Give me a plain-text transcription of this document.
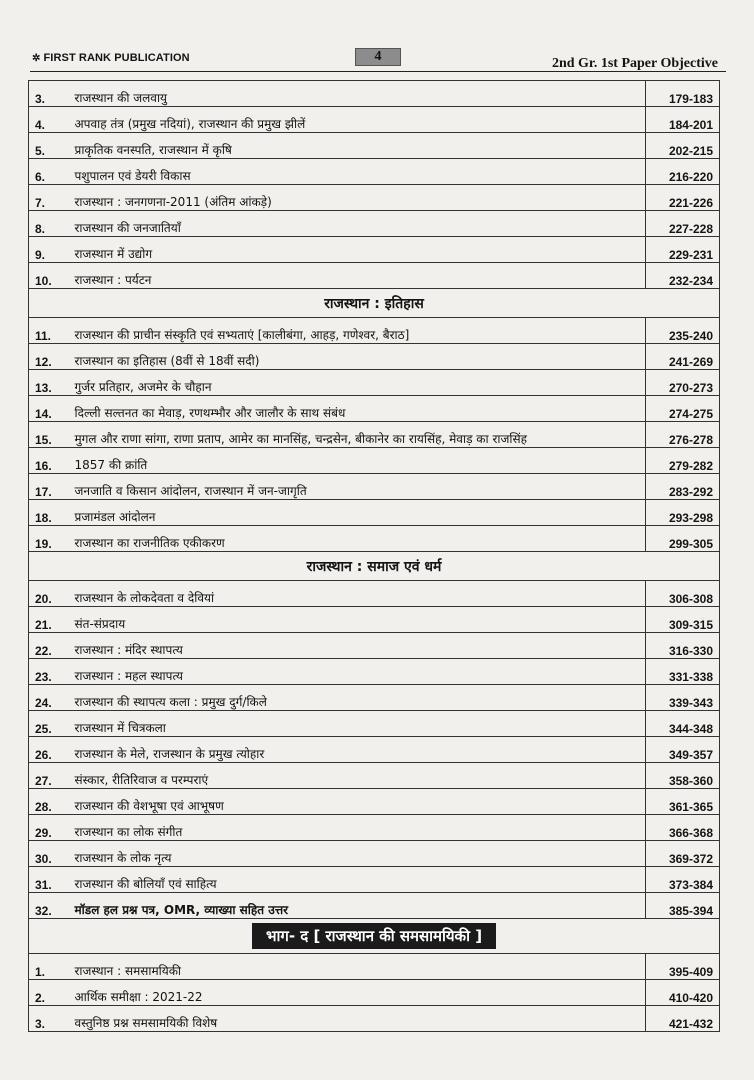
✲ FIRST RANK PUBLICATION	4	2nd Gr. 1st Paper Objective
3.	राजस्थान की जलवायु	179-183
4.	अपवाह तंत्र (प्रमुख नदियां), राजस्थान की प्रमुख झीलें	184-201
5.	प्राकृतिक वनस्पति, राजस्थान में कृषि	202-215
6.	पशुपालन एवं डेयरी विकास	216-220
7.	राजस्थान : जनगणना-2011 (अंतिम आंकड़े)	221-226
8.	राजस्थान की जनजातियाँ	227-228
9.	राजस्थान में उद्योग	229-231
10.	राजस्थान : पर्यटन	232-234
राजस्थान : इतिहास		
11.	राजस्थान की प्राचीन संस्कृति एवं सभ्यताएं [कालीबंगा, आहड़, गणेश्वर, बैराठ]	235-240
12.	राजस्थान का इतिहास (8वीं से 18वीं सदी)	241-269
13.	गुर्जर प्रतिहार, अजमेर के चौहान	270-273
14.	दिल्ली सल्तनत का मेवाड़, रणथम्भौर और जालौर के साथ संबंध	274-275
15.	मुगल और राणा सांगा, राणा प्रताप, आमेर का मानसिंह, चन्द्रसेन, बीकानेर का रायसिंह, मेवाड़ का राजसिंह	276-278
16.	1857 की क्रांति	279-282
17.	जनजाति व किसान आंदोलन, राजस्थान में जन-जागृति	283-292
18.	प्रजामंडल आंदोलन	293-298
19.	राजस्थान का राजनीतिक एकीकरण	299-305
राजस्थान : समाज एवं धर्म		
20.	राजस्थान के लोकदेवता व देवियां	306-308
21.	संत-संप्रदाय	309-315
22.	राजस्थान : मंदिर स्थापत्य	316-330
23.	राजस्थान : महल स्थापत्य	331-338
24.	राजस्थान की स्थापत्य कला : प्रमुख दुर्ग/किले	339-343
25.	राजस्थान में चित्रकला	344-348
26.	राजस्थान के मेले, राजस्थान के प्रमुख त्योहार	349-357
27.	संस्कार, रीतिरिवाज व परम्पराएं	358-360
28.	राजस्थान की वेशभूषा एवं आभूषण	361-365
29.	राजस्थान का लोक संगीत	366-368
30.	राजस्थान के लोक नृत्य	369-372
31.	राजस्थान की बोलियाँ एवं साहित्य	373-384
32.	मॉडल हल प्रश्न पत्र, OMR, व्याख्या सहित उत्तर	385-394
भाग- द [ राजस्थान की समसामयिकी ]		
1.	राजस्थान : समसामयिकी	395-409
2.	आर्थिक समीक्षा : 2021-22	410-420
3.	वस्तुनिष्ठ प्रश्न समसामयिकी विशेष	421-432
